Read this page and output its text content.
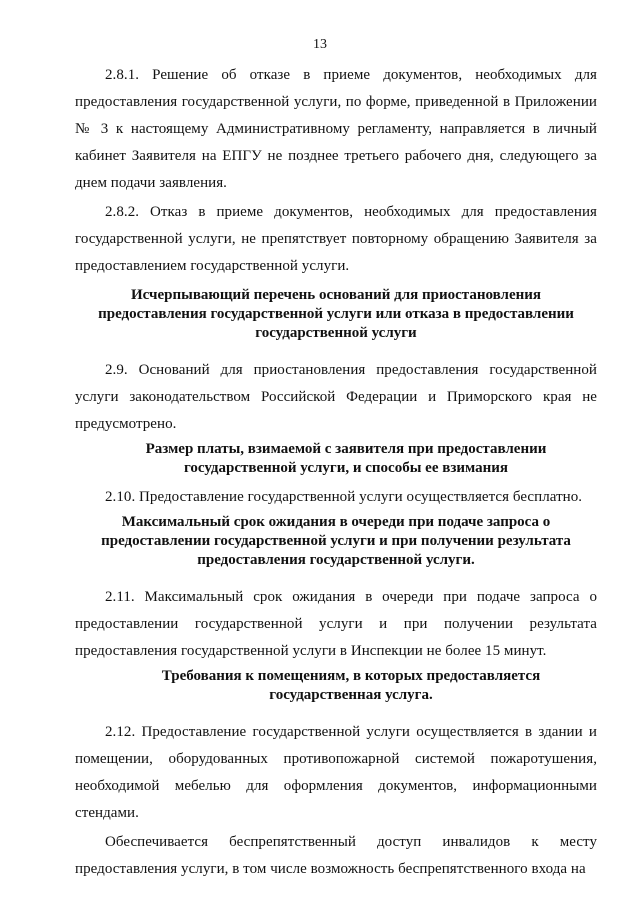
13

2.8.1. Решение об отказе в приеме документов, необходимых для предоставления государственной услуги, по форме, приведенной в Приложении № 3 к настоящему Административному регламенту, направляется в личный кабинет Заявителя на ЕПГУ не позднее третьего рабочего дня, следующего за днем подачи заявления.

2.8.2. Отказ в приеме документов, необходимых для предоставления государственной услуги, не препятствует повторному обращению Заявителя за предоставлением государственной услуги.

Исчерпывающий перечень оснований для приостановления предоставления государственной услуги или отказа в предоставлении государственной услуги

2.9. Оснований для приостановления предоставления государственной услуги законодательством Российской Федерации и Приморского края не предусмотрено.

Размер платы, взимаемой с заявителя при предоставлении государственной услуги, и способы ее взимания

2.10. Предоставление государственной услуги осуществляется бесплатно.

Максимальный срок ожидания в очереди при подаче запроса о предоставлении государственной услуги и при получении результата предоставления государственной услуги.

2.11. Максимальный срок ожидания в очереди при подаче запроса о предоставлении государственной услуги и при получении результата предоставления государственной услуги в Инспекции не более 15 минут.

Требования к помещениям, в которых предоставляется государственная услуга.

2.12. Предоставление государственной услуги осуществляется в здании и помещении, оборудованных противопожарной системой пожаротушения, необходимой мебелью для оформления документов, информационными стендами.

Обеспечивается беспрепятственный доступ инвалидов к месту предоставления услуги, в том числе возможность беспрепятственного входа на
